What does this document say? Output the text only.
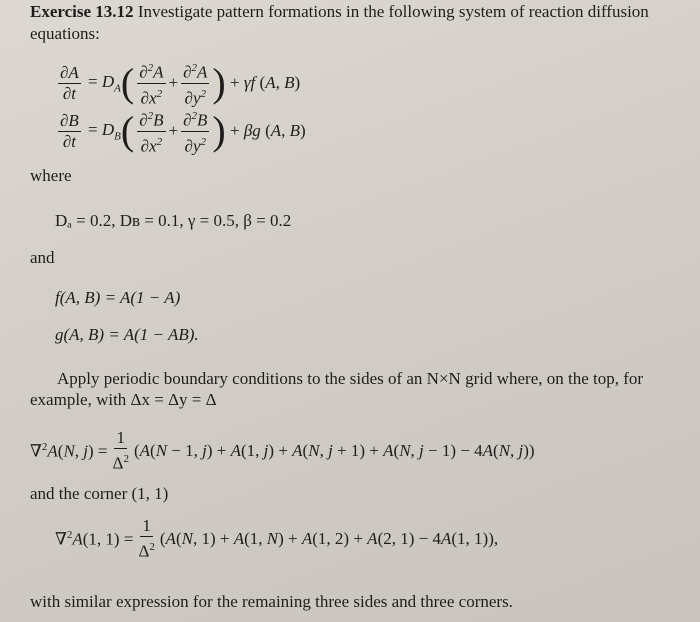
Exercise 13.12 Investigate pattern formations in the following system of reaction diffusion
equations:
$\frac{\partial A}{\partial t} = D_A$ ( $\frac{\partial^2A}{\partial x^2} + \frac{\partial^2A}{\partial y^2}$ ) + γf (A, B)
$\frac{\partial B}{\partial t} = D_B$ ( $\frac{\partial^2B}{\partial x^2} + \frac{\partial^2B}{\partial y^2}$ ) + βg (A, B)
where
Dₐ = 0.2, Dʙ = 0.1, γ = 0.5, β = 0.2
and
f(A, B) = A(1 − A)
g(A, B) = A(1 − AB).
Apply periodic boundary conditions to the sides of an N×N grid where, on the top, for
example, with Δx = Δy = Δ
∇$^2$A(N, $j) = \frac{1}{\Delta^2} (A(N - 1$, j) + A(1, j) + A(N, j + 1) + A(N, j − 1) − 4A(N, j))
and the corner (1, 1)
∇$^2$A(1, $1) = \frac{1}{\Delta^2} (A(N$, 1) + A(1, N) + A(1, 2) + A(2, 1) − 4A(1, 1)),
with similar expression for the remaining three sides and three corners.
